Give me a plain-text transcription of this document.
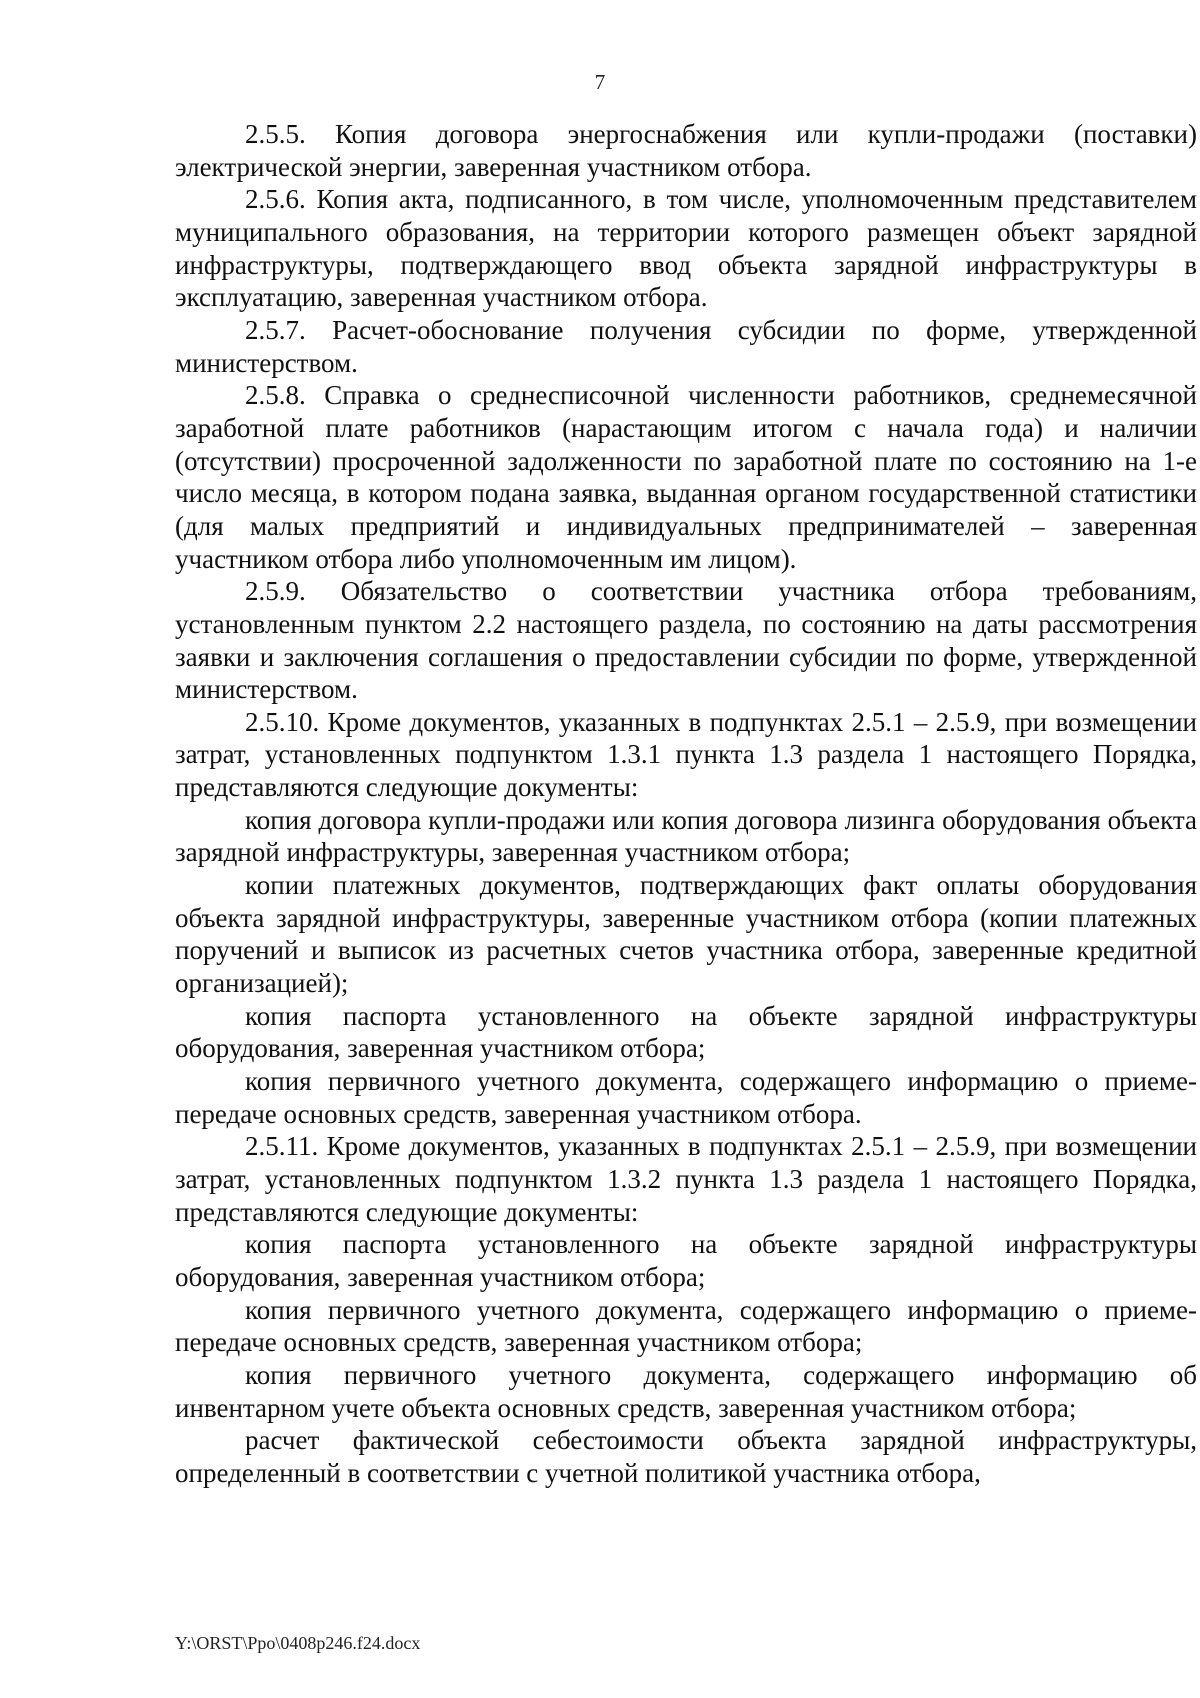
7

2.5.5. Копия договора энергоснабжения или купли-продажи (поставки) электрической энергии, заверенная участником отбора.

2.5.6. Копия акта, подписанного, в том числе, уполномоченным представителем муниципального образования, на территории которого размещен объект зарядной инфраструктуры, подтверждающего ввод объекта зарядной инфраструктуры в эксплуатацию, заверенная участником отбора.

2.5.7. Расчет-обоснование получения субсидии по форме, утвержденной министерством.

2.5.8. Справка о среднесписочной численности работников, среднемесячной заработной плате работников (нарастающим итогом с начала года) и наличии (отсутствии) просроченной задолженности по заработной плате по состоянию на 1-е число месяца, в котором подана заявка, выданная органом государственной статистики (для малых предприятий и индивидуальных предпринимателей – заверенная участником отбора либо уполномоченным им лицом).

2.5.9. Обязательство о соответствии участника отбора требованиям, установленным пунктом 2.2 настоящего раздела, по состоянию на даты рассмотрения заявки и заключения соглашения о предоставлении субсидии по форме, утвержденной министерством.

2.5.10. Кроме документов, указанных в подпунктах 2.5.1 – 2.5.9, при возмещении затрат, установленных подпунктом 1.3.1 пункта 1.3 раздела 1 настоящего Порядка, представляются следующие документы:

копия договора купли-продажи или копия договора лизинга оборудования объекта зарядной инфраструктуры, заверенная участником отбора;

копии платежных документов, подтверждающих факт оплаты оборудования объекта зарядной инфраструктуры, заверенные участником отбора (копии платежных поручений и выписок из расчетных счетов участника отбора, заверенные кредитной организацией);

копия паспорта установленного на объекте зарядной инфраструктуры оборудования, заверенная участником отбора;

копия первичного учетного документа, содержащего информацию о приеме-передаче основных средств, заверенная участником отбора.

2.5.11. Кроме документов, указанных в подпунктах 2.5.1 – 2.5.9, при возмещении затрат, установленных подпунктом 1.3.2 пункта 1.3 раздела 1 настоящего Порядка, представляются следующие документы:

копия паспорта установленного на объекте зарядной инфраструктуры оборудования, заверенная участником отбора;

копия первичного учетного документа, содержащего информацию о приеме-передаче основных средств, заверенная участником отбора;

копия первичного учетного документа, содержащего информацию об инвентарном учете объекта основных средств, заверенная участником отбора;

расчет фактической себестоимости объекта зарядной инфраструктуры, определенный в соответствии с учетной политикой участника отбора,

Y:\ORST\Ppo\0408p246.f24.docx
